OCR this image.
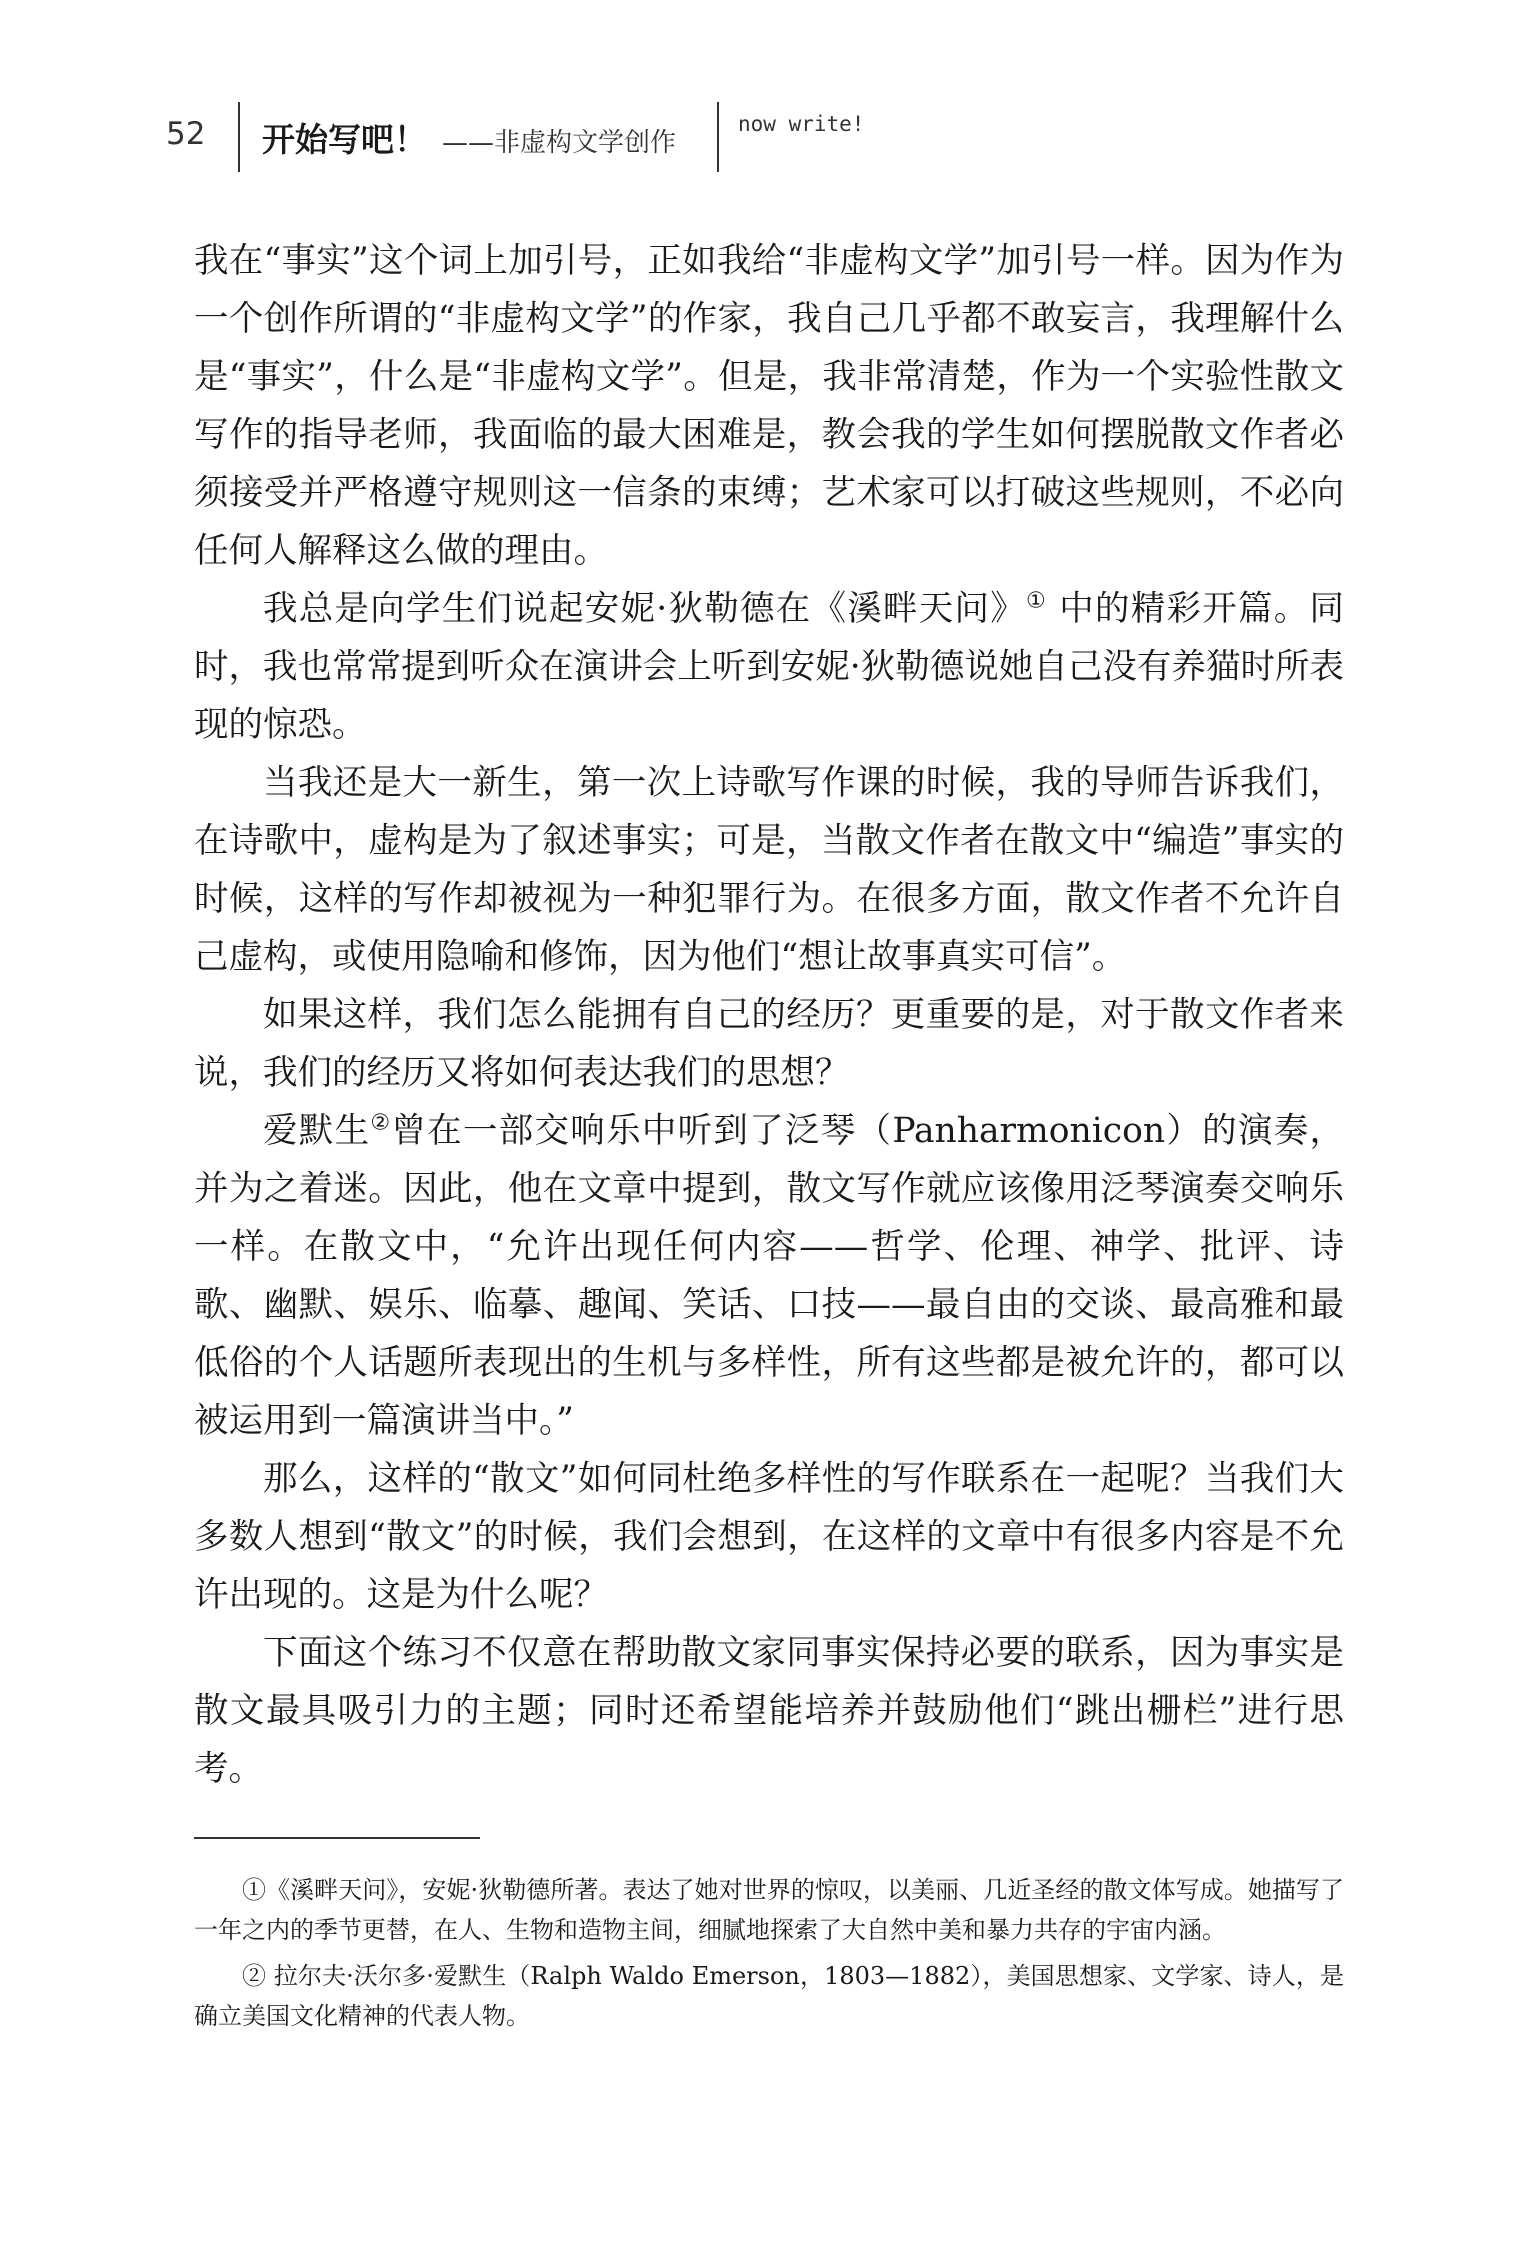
52 开始写吧！ ——非虚构文学创作
now write!

我在“事实”这个词上加引号，正如我给“非虚构文学”加引号一样。因为作为一个创作所谓的“非虚构文学”的作家，我自己几乎都不敢妄言，我理解什么是“事实”，什么是“非虚构文学”。但是，我非常清楚，作为一个实验性散文写作的指导老师，我面临的最大困难是，教会我的学生如何摆脱散文作者必须接受并严格遵守规则这一信条的束缚；艺术家可以打破这些规则，不必向任何人解释这么做的理由。

我总是向学生们说起安妮·狄勒德在《溪畔天问》① 中的精彩开篇。同时，我也常常提到听众在演讲会上听到安妮·狄勒德说她自己没有养猫时所表现的惊恐。

当我还是大一新生，第一次上诗歌写作课的时候，我的导师告诉我们，在诗歌中，虚构是为了叙述事实；可是，当散文作者在散文中“编造”事实的时候，这样的写作却被视为一种犯罪行为。在很多方面，散文作者不允许自己虚构，或使用隐喻和修饰，因为他们“想让故事真实可信”。

如果这样，我们怎么能拥有自己的经历？更重要的是，对于散文作者来说，我们的经历又将如何表达我们的思想？

爱默生②曾在一部交响乐中听到了泛琴（Panharmonicon）的演奏，并为之着迷。因此，他在文章中提到，散文写作就应该像用泛琴演奏交响乐一样。在散文中，“允许出现任何内容——哲学、伦理、神学、批评、诗歌、幽默、娱乐、临摹、趣闻、笑话、口技——最自由的交谈、最高雅和最低俗的个人话题所表现出的生机与多样性，所有这些都是被允许的，都可以被运用到一篇演讲当中。”

那么，这样的“散文”如何同杜绝多样性的写作联系在一起呢？当我们大多数人想到“散文”的时候，我们会想到，在这样的文章中有很多内容是不允许出现的。这是为什么呢？

下面这个练习不仅意在帮助散文家同事实保持必要的联系，因为事实是散文最具吸引力的主题；同时还希望能培养并鼓励他们“跳出栅栏”进行思考。

①《溪畔天问》，安妮·狄勒德所著。表达了她对世界的惊叹，以美丽、几近圣经的散文体写成。她描写了一年之内的季节更替，在人、生物和造物主间，细腻地探索了大自然中美和暴力共存的宇宙内涵。

② 拉尔夫·沃尔多·爱默生（Ralph Waldo Emerson，1803—1882），美国思想家、文学家、诗人，是确立美国文化精神的代表人物。
